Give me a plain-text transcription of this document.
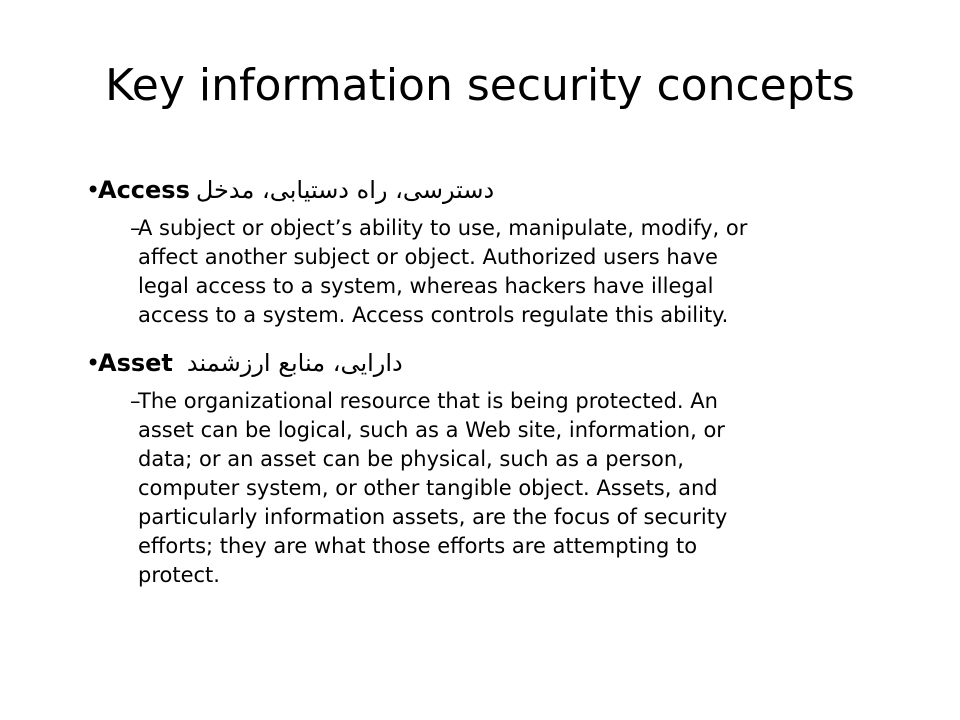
Key information security concepts
•
Access دسترسی، راه دستیابی، مدخل
–
A subject or object’s ability to use, manipulate, modify, or
affect another subject or object. Authorized users have
legal access to a system, whereas hackers have illegal
access to a system. Access controls regulate this ability.
•
Asset دارایی، منابع ارزشمند
–
The organizational resource that is being protected. An
asset can be logical, such as a Web site, information, or
data; or an asset can be physical, such as a person,
computer system, or other tangible object. Assets, and
particularly information assets, are the focus of security
efforts; they are what those efforts are attempting to
protect.
